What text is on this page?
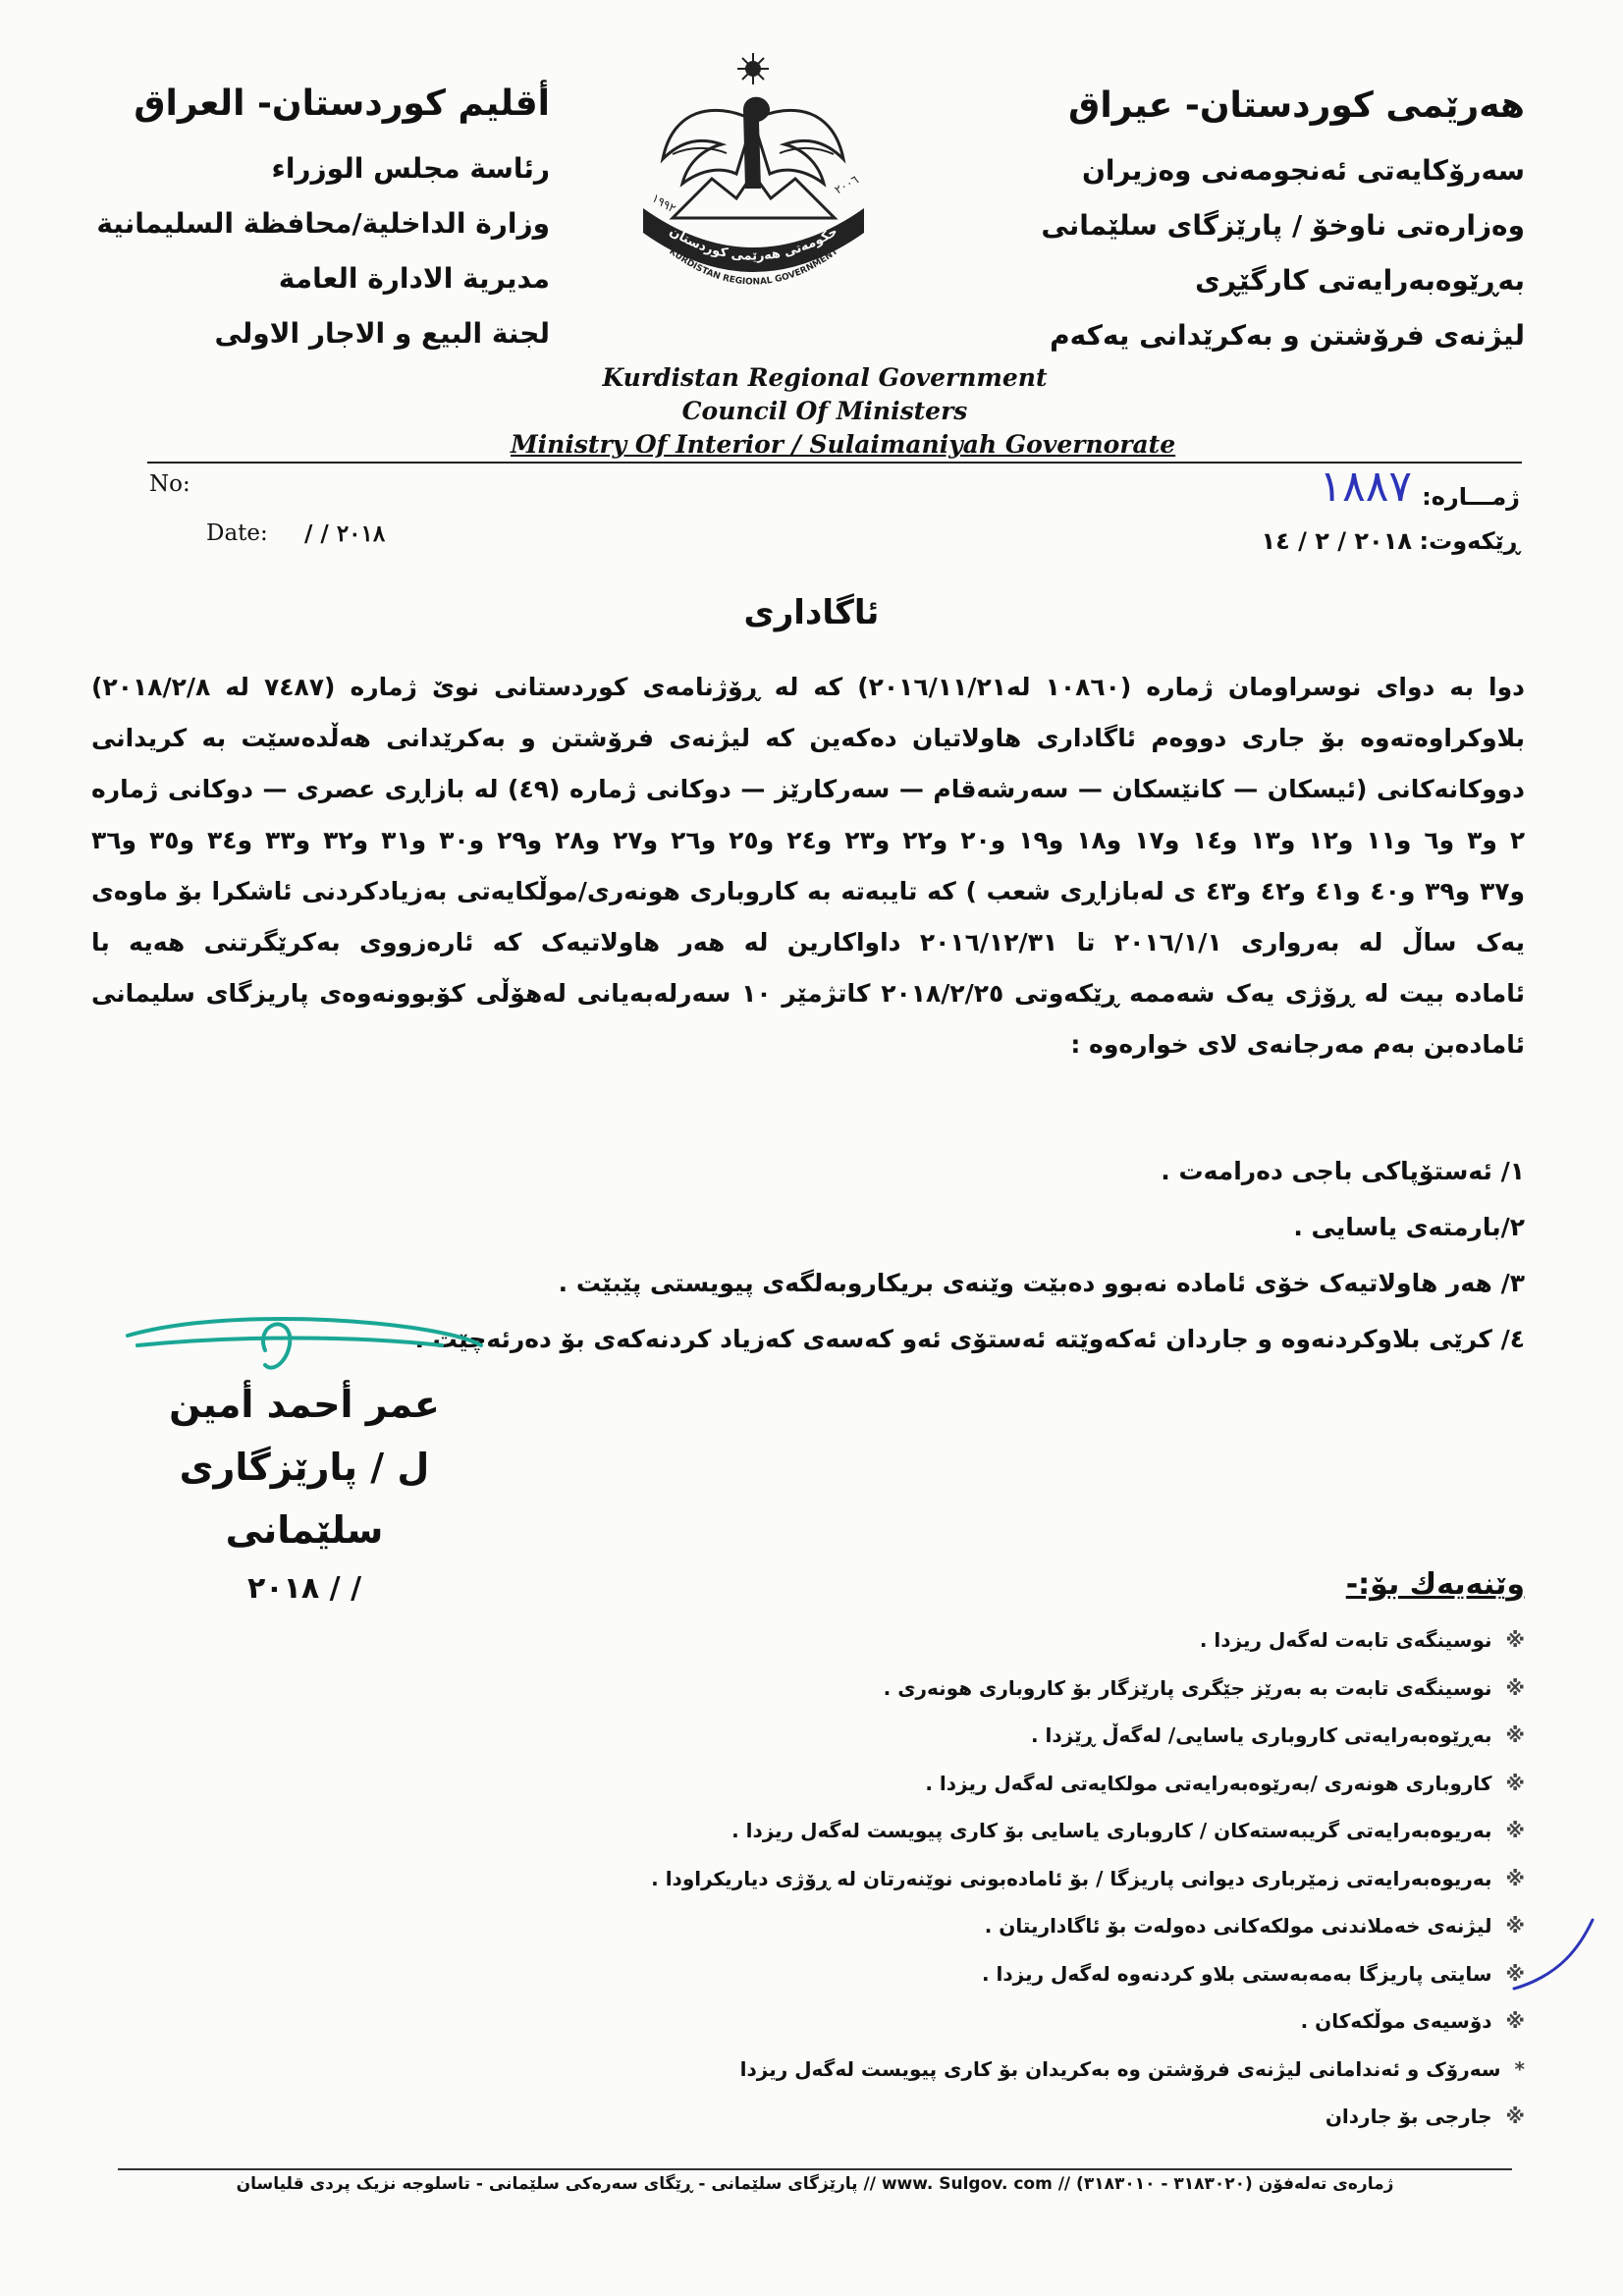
هەرێمی کوردستان- عیراق
سەرۆکایەتی ئەنجومەنی وەزیران
وەزارەتی ناوخۆ / پارێزگای سلێمانی
بەڕێوەبەرایەتی کارگێڕی
لیژنەی فرۆشتن و بەکرێدانی یەکەم
أقليم كوردستان- العراق
رئاسة مجلس الوزراء
وزارة الداخلية/محافظة السليمانية
مديرية الادارة العامة
لجنة البيع و الاجار الاولى
حکومەتی هەرێمی کوردستان
KURDISTAN REGIONAL GOVERNMENT
١٩٩٢
٢٠٠٦
Kurdistan Regional Government
Council Of Ministers
Ministry Of Interior / Sulaimaniyah Governorate
No:
Date: / / ٢٠١٨
ژمـــارە:
١٨٨٧
ڕێکەوت:
٢٠١٨ / ٢ / ١٤
ئاگاداری
دوا بە دوای نوسراومان ژمارە (١٠٨٦٠ لە٢٠١٦/١١/٢١) کە لە ڕۆژنامەی کوردستانی نوێ ژمارە (٧٤٨٧ لە ٢٠١٨/٢/٨)
بلاوکراوەتەوە بۆ جاری دووەم ئاگاداری هاولاتیان دەکەین کە لیژنەی فرۆشتن و بەکرێدانی هەڵدەسێت بە کریدانی
دووکانەکانی (ئیسکان — کانێسکان — سەرشەقام — سەرکارێز — دوکانی ژمارە (٤٩) لە بازاڕی عصری — دوکانی ژمارە
٢ و٣ و٦ و١١ و١٢ و١٣ و١٤ و١٧ و١٨ و١٩ و٢٠ و٢٢ و٢٣ و٢٤ و٢٥ و٢٦ و٢٧ و٢٨ و٢٩ و٣٠ و٣١ و٣٢ و٣٣ و٣٤ و٣٥ و٣٦
و٣٧ و٣٩ و٤٠ و٤١ و٤٢ و٤٣ ی لەبازاڕی شعب ) کە تایبەتە بە کاروباری هونەری/موڵکایەتی بەزیادکردنی ئاشکرا بۆ ماوەی
یەک ساڵ لە بەرواری ٢٠١٦/١/١ تا ٢٠١٦/١٢/٣١ داواکارین لە هەر هاولاتیەک کە ئارەزووی بەکرێگرتنی هەیە با
ئامادە بیت لە ڕۆژی یەک شەممە ڕێکەوتی ٢٠١٨/٢/٢٥ کاتژمێر ١٠ سەرلەبەیانی لەهۆڵی کۆبوونەوەی پاریزگای سلیمانی
ئامادەبن بەم مەرجانەی لای خوارەوە :
١/ ئەستۆپاکی باجی دەرامەت .
٢/بارمتەی یاسایی .
٣/ هەر هاولاتیەک خۆی ئامادە نەبوو دەبێت وێنەی بریکاروبەلگەی پیویستی پێبێت .
٤/ کرێی بلاوکردنەوە و جاردان ئەکەوێتە ئەستۆی ئەو کەسەی کەزیاد کردنەکەی بۆ دەرئەچێت .
عمر أحمد أمين
ل / پارێزگاری سلێمانی
٢٠١٨ / /	وێنەیەك بۆ:-
※نوسینگەی تابەت لەگەل ریزدا .
※نوسینگەی تابەت بە بەرێز جێگری پارێزگار بۆ کاروباری هونەری .
※بەڕێوەبەرایەتی کاروباری یاسایی/ لەگەڵ ڕێزدا .
※کاروباری هونەری /بەرێوەبەرایەتی مولکایەتی لەگەل ریزدا .
※بەریوەبەرایەتی گریبەستەکان / کاروباری یاسایی بۆ کاری پیویست لەگەل ریزدا .
※بەریوەبەرایەتی زمێرباری دیوانی پاریزگا / بۆ ئامادەبونی نوێنەرتان لە ڕۆژی دیاریکراودا .
※لیژنەی خەملاندنی مولکەکانی دەولەت بۆ ئاگاداریتان .
※سایتی پاریزگا بەمەبەستی بلاو کردنەوە لەگەل ریزدا .
※دۆسیەی موڵکەکان .
*سەرۆک و ئەندامانی لیژنەی فرۆشتن وە بەکریدان بۆ کاری پیویست لەگەل ریزدا
※جارجی بۆ جاردان
پارێزگای سلێمانی - ڕێگای سەرەکی سلێمانی - تاسلوجە نزیک پردی قلیاسان // www. Sulgov. com // ژمارەی تەلەفۆن (٣١٨٣٠٢٠ - ٣١٨٣٠١٠)
